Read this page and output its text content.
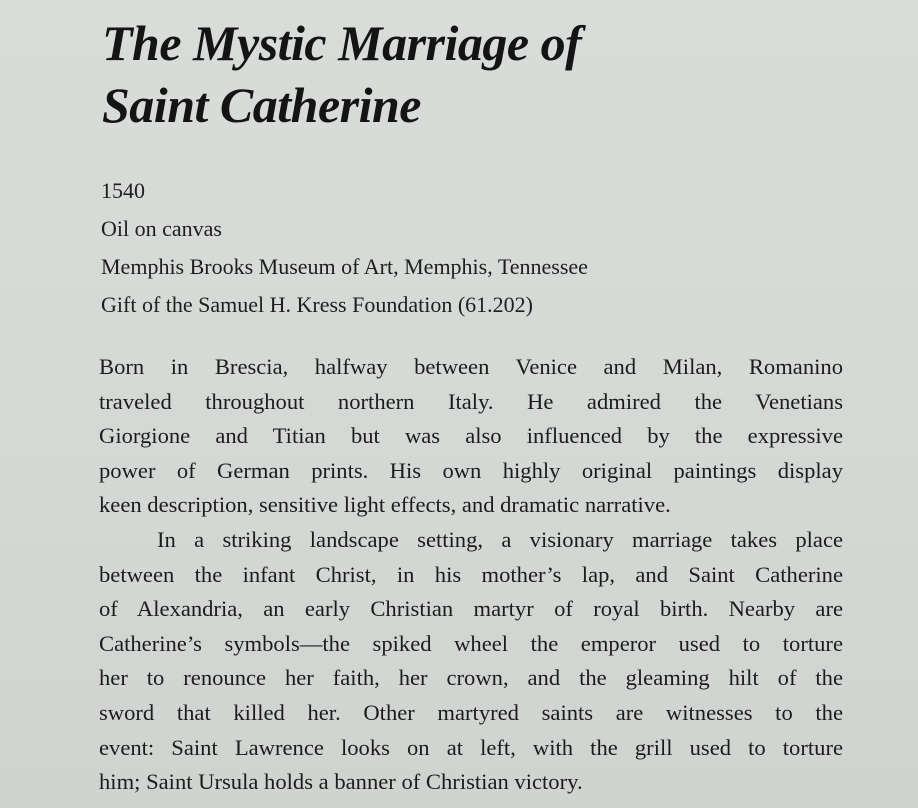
The Mystic Marriage of
Saint Catherine
1540
Oil on canvas
Memphis Brooks Museum of Art, Memphis, Tennessee
Gift of the Samuel H. Kress Foundation (61.202)
Born in Brescia, halfway between Venice and Milan, Romanino
traveled throughout northern Italy. He admired the Venetians
Giorgione and Titian but was also influenced by the expressive
power of German prints. His own highly original paintings display
keen description, sensitive light effects, and dramatic narrative.
In a striking landscape setting, a visionary marriage takes place
between the infant Christ, in his mother’s lap, and Saint Catherine
of Alexandria, an early Christian martyr of royal birth. Nearby are
Catherine’s symbols—the spiked wheel the emperor used to torture
her to renounce her faith, her crown, and the gleaming hilt of the
sword that killed her. Other martyred saints are witnesses to the
event: Saint Lawrence looks on at left, with the grill used to torture
him; Saint Ursula holds a banner of Christian victory.
